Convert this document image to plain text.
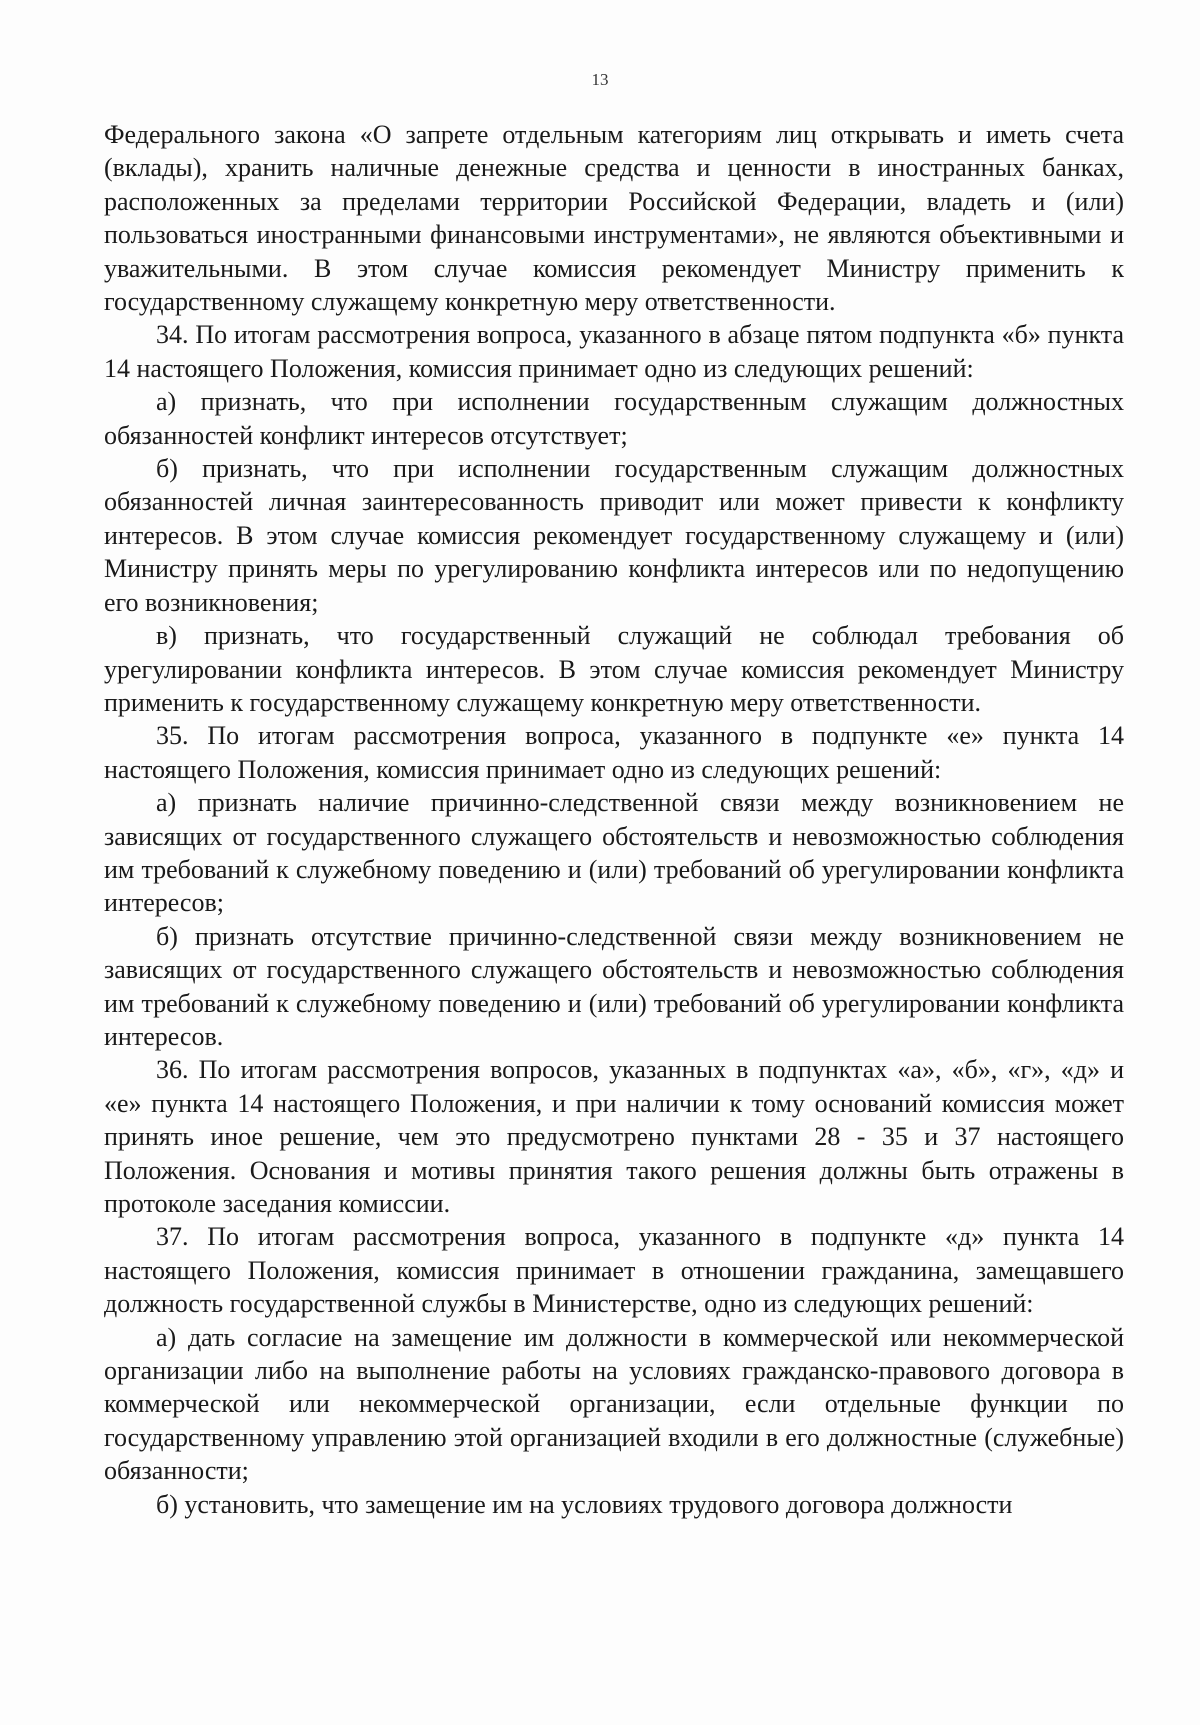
13

Федерального закона «О запрете отдельным категориям лиц открывать и иметь счета (вклады), хранить наличные денежные средства и ценности в иностранных банках, расположенных за пределами территории Российской Федерации, владеть и (или) пользоваться иностранными финансовыми инструментами», не являются объективными и уважительными. В этом случае комиссия рекомендует Министру применить к государственному служащему конкретную меру ответственности.

34. По итогам рассмотрения вопроса, указанного в абзаце пятом подпункта «б» пункта 14 настоящего Положения, комиссия принимает одно из следующих решений:

а) признать, что при исполнении государственным служащим должностных обязанностей конфликт интересов отсутствует;

б) признать, что при исполнении государственным служащим должностных обязанностей личная заинтересованность приводит или может привести к конфликту интересов. В этом случае комиссия рекомендует государственному служащему и (или) Министру принять меры по урегулированию конфликта интересов или по недопущению его возникновения;

в) признать, что государственный служащий не соблюдал требования об урегулировании конфликта интересов. В этом случае комиссия рекомендует Министру применить к государственному служащему конкретную меру ответственности.

35. По итогам рассмотрения вопроса, указанного в подпункте «е» пункта 14 настоящего Положения, комиссия принимает одно из следующих решений:

а) признать наличие причинно-следственной связи между возникновением не зависящих от государственного служащего обстоятельств и невозможностью соблюдения им требований к служебному поведению и (или) требований об урегулировании конфликта интересов;

б) признать отсутствие причинно-следственной связи между возникновением не зависящих от государственного служащего обстоятельств и невозможностью соблюдения им требований к служебному поведению и (или) требований об урегулировании конфликта интересов.

36. По итогам рассмотрения вопросов, указанных в подпунктах «а», «б», «г», «д» и «е» пункта 14 настоящего Положения, и при наличии к тому оснований комиссия может принять иное решение, чем это предусмотрено пунктами 28 - 35 и 37 настоящего Положения. Основания и мотивы принятия такого решения должны быть отражены в протоколе заседания комиссии.

37. По итогам рассмотрения вопроса, указанного в подпункте «д» пункта 14 настоящего Положения, комиссия принимает в отношении гражданина, замещавшего должность государственной службы в Министерстве, одно из следующих решений:

а) дать согласие на замещение им должности в коммерческой или некоммерческой организации либо на выполнение работы на условиях гражданско-правового договора в коммерческой или некоммерческой организации, если отдельные функции по государственному управлению этой организацией входили в его должностные (служебные) обязанности;

б) установить, что замещение им на условиях трудового договора должности
